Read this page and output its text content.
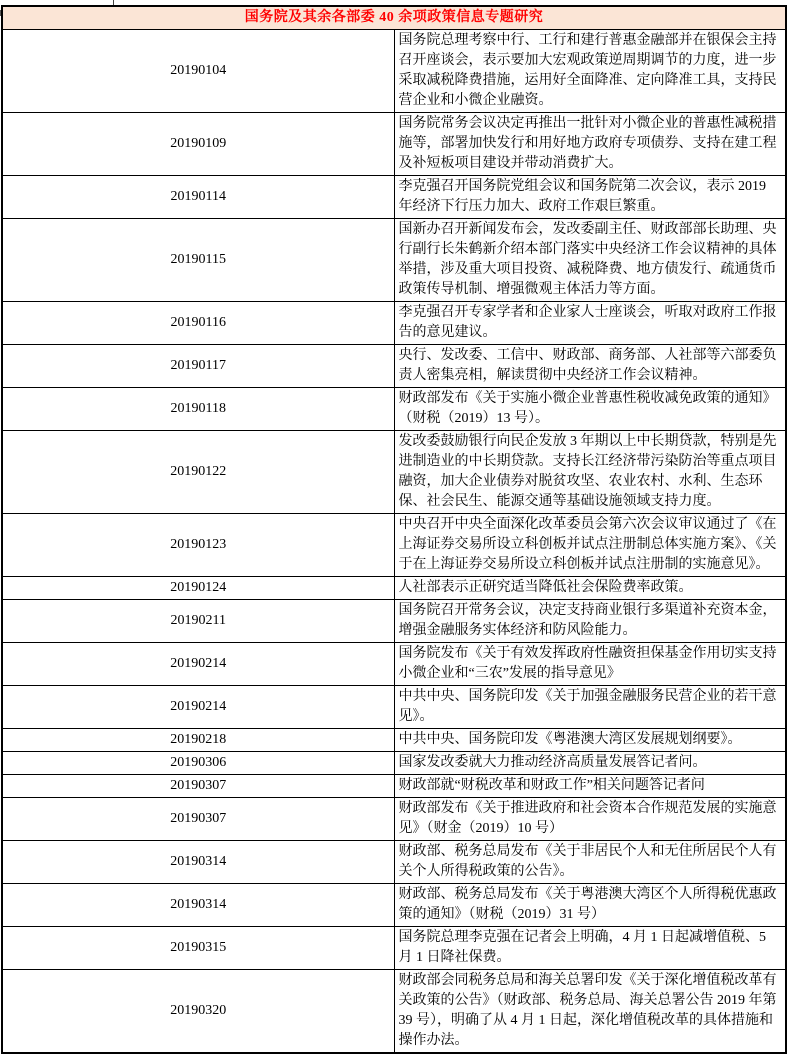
国务院及其余各部委 40 余项政策信息专题研究	
20190104	国务院总理考察中行、工行和建行普惠金融部并在银保会主持召开座谈会，表示要加大宏观政策逆周期调节的力度，进一步采取减税降费措施，运用好全面降准、定向降准工具，支持民营企业和小微企业融资。
20190109	国务院常务会议决定再推出一批针对小微企业的普惠性减税措施等，部署加快发行和用好地方政府专项债券、支持在建工程及补短板项目建设并带动消费扩大。
20190114	李克强召开国务院党组会议和国务院第二次会议，表示 2019 年经济下行压力加大、政府工作艰巨繁重。
20190115	国新办召开新闻发布会，发改委副主任、财政部部长助理、央行副行长朱鹤新介绍本部门落实中央经济工作会议精神的具体举措，涉及重大项目投资、减税降费、地方债发行、疏通货币政策传导机制、增强微观主体活力等方面。
20190116	李克强召开专家学者和企业家人士座谈会，听取对政府工作报告的意见建议。
20190117	央行、发改委、工信中、财政部、商务部、人社部等六部委负责人密集亮相，解读贯彻中央经济工作会议精神。
20190118	财政部发布《关于实施小微企业普惠性税收减免政策的通知》（财税（2019）13 号）。
20190122	发改委鼓励银行向民企发放 3 年期以上中长期贷款，特别是先进制造业的中长期贷款。支持长江经济带污染防治等重点项目融资，加大企业债券对脱贫攻坚、农业农村、水利、生态环保、社会民生、能源交通等基础设施领域支持力度。
20190123	中央召开中央全面深化改革委员会第六次会议审议通过了《在上海证券交易所设立科创板并试点注册制总体实施方案》、《关于在上海证券交易所设立科创板并试点注册制的实施意见》。
20190124	人社部表示正研究适当降低社会保险费率政策。
20190211	国务院召开常务会议，决定支持商业银行多渠道补充资本金，增强金融服务实体经济和防风险能力。
20190214	国务院发布《关于有效发挥政府性融资担保基金作用切实支持小微企业和“三农”发展的指导意见》
20190214	中共中央、国务院印发《关于加强金融服务民营企业的若干意见》。
20190218	中共中央、国务院印发《粤港澳大湾区发展规划纲要》。
20190306	国家发改委就大力推动经济高质量发展答记者问。
20190307	财政部就“财税改革和财政工作”相关问题答记者问
20190307	财政部发布《关于推进政府和社会资本合作规范发展的实施意见》（财金（2019）10 号）
20190314	财政部、税务总局发布《关于非居民个人和无住所居民个人有关个人所得税政策的公告》。
20190314	财政部、税务总局发布《关于粤港澳大湾区个人所得税优惠政策的通知》（财税（2019）31 号）
20190315	国务院总理李克强在记者会上明确，4 月 1 日起减增值税、5 月 1 日降社保费。
20190320	财政部会同税务总局和海关总署印发《关于深化增值税改革有关政策的公告》（财政部、税务总局、海关总署公告 2019 年第 39 号），明确了从 4 月 1 日起，深化增值税改革的具体措施和操作办法。
